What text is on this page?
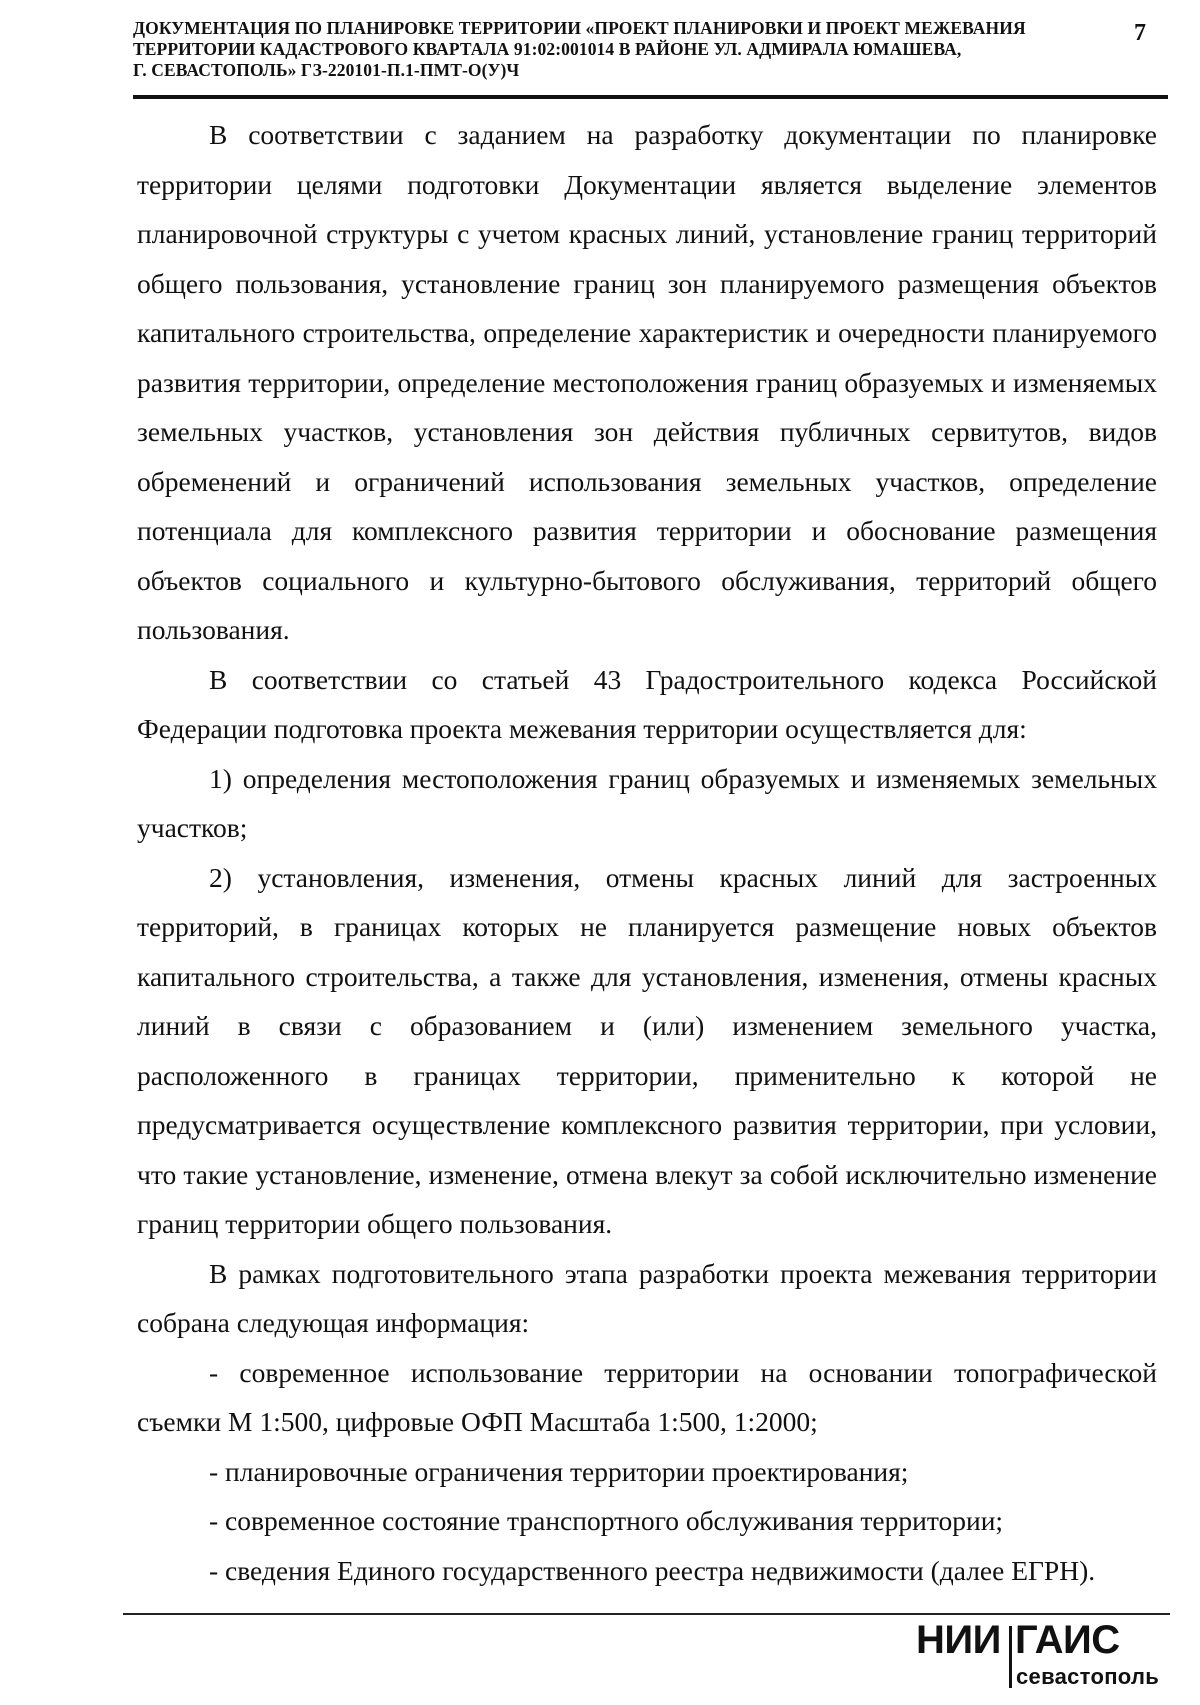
ДОКУМЕНТАЦИЯ ПО ПЛАНИРОВКЕ ТЕРРИТОРИИ «ПРОЕКТ ПЛАНИРОВКИ И ПРОЕКТ МЕЖЕВАНИЯ
ТЕРРИТОРИИ КАДАСТРОВОГО КВАРТАЛА 91:02:001014 В РАЙОНЕ УЛ. АДМИРАЛА ЮМАШЕВА,
Г. СЕВАСТОПОЛЬ» ГЗ-220101-П.1-ПМТ-О(У)Ч
7

В соответствии с заданием на разработку документации по планировке территории целями подготовки Документации является выделение элементов планировочной структуры с учетом красных линий, установление границ территорий общего пользования, установление границ зон планируемого размещения объектов капитального строительства, определение характеристик и очередности планируемого развития территории, определение местоположения границ образуемых и изменяемых земельных участков, установления зон действия публичных сервитутов, видов обременений и ограничений использования земельных участков, определение потенциала для комплексного развития территории и обоснование размещения объектов социального и культурно-бытового обслуживания, территорий общего пользования.

В соответствии со статьей 43 Градостроительного кодекса Российской Федерации подготовка проекта межевания территории осуществляется для:

1) определения местоположения границ образуемых и изменяемых земельных участков;

2) установления, изменения, отмены красных линий для застроенных территорий, в границах которых не планируется размещение новых объектов капитального строительства, а также для установления, изменения, отмены красных линий в связи с образованием и (или) изменением земельного участка, расположенного в границах территории, применительно к которой не предусматривается осуществление комплексного развития территории, при условии, что такие установление, изменение, отмена влекут за собой исключительно изменение границ территории общего пользования.

В рамках подготовительного этапа разработки проекта межевания территории собрана следующая информация:

- современное использование территории на основании топографической съемки М 1:500, цифровые ОФП Масштаба 1:500, 1:2000;

- планировочные ограничения территории проектирования;

- современное состояние транспортного обслуживания территории;

- сведения Единого государственного реестра недвижимости (далее ЕГРН).

НИИ ГАИС
севастополь
